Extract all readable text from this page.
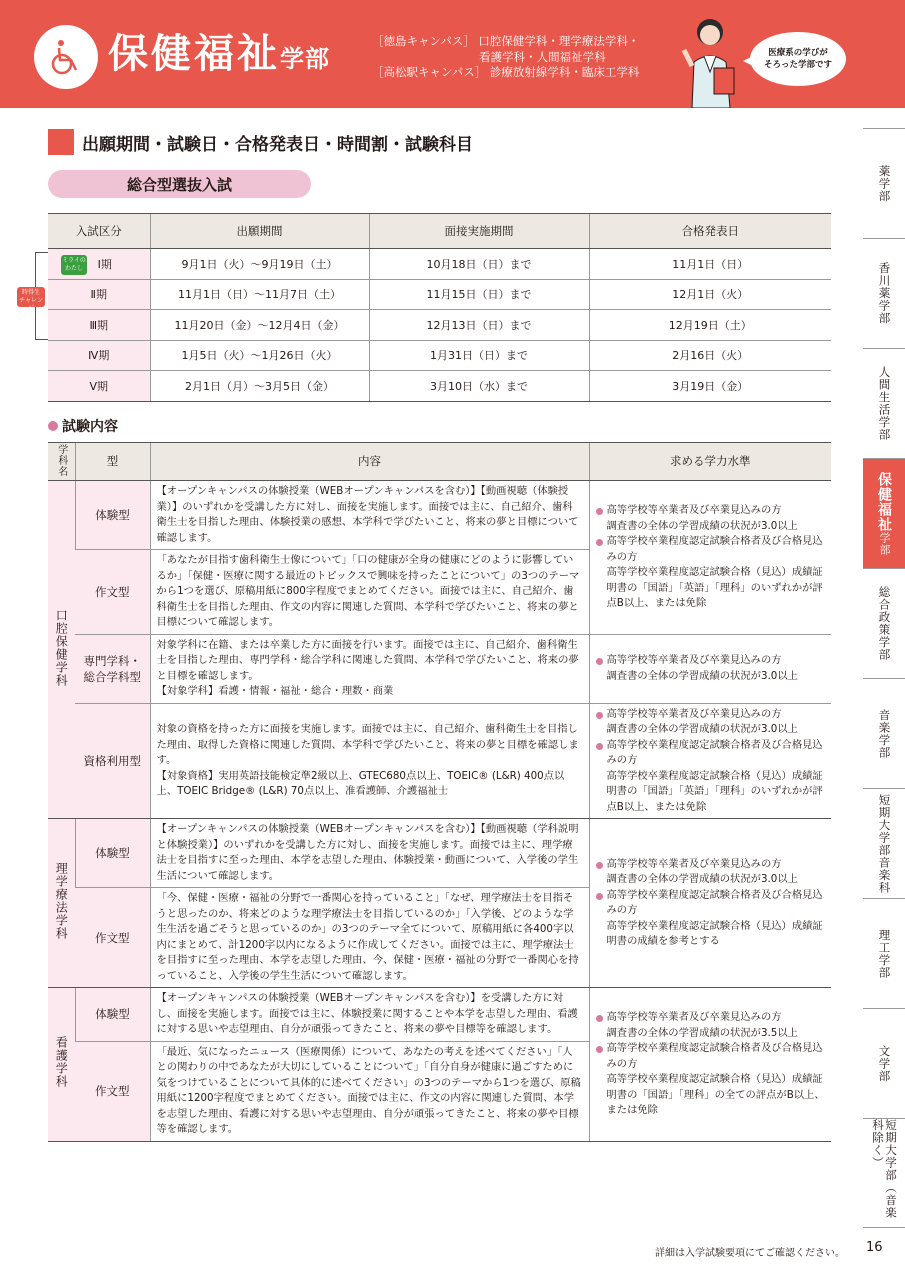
保健福祉学部
［徳島キャンパス］ 口腔保健学科・理学療法学科・
　　　　　　　　　 看護学科・人間福祉学科
［高松駅キャンパス］ 診療放射線学科・臨床工学科
医療系の学びが
そろった学部です
出願期間・試験日・合格発表日・時間割・試験科目
総合型選抜入試
時得生
チャレンジ
入試区分	出願期間	面接実施期間	合格発表日

ミライの
わたし Ⅰ期	9月1日（火）～9月19日（土）	10月18日（日）まで	11月1日（日）
Ⅱ期	11月1日（日）～11月7日（土）	11月15日（日）まで	12月1日（火）
Ⅲ期	11月20日（金）～12月4日（金）	12月13日（日）まで	12月19日（土）
Ⅳ期	1月5日（火）～1月26日（火）	1月31日（日）まで	2月16日（火）
Ⅴ期	2月1日（月）～3月5日（金）	3月10日（水）まで	3月19日（金）
試験内容
学科名	型	内容	求める学力水準
口腔保健学科	体験型	【オープンキャンパスの体験授業（WEBオープンキャンパスを含む）】【動画視聴（体験授業）】のいずれかを受講した方に対し、面接を実施します。面接では主に、自己紹介、歯科衛生士を目指した理由、体験授業の感想、本学科で学びたいこと、将来の夢と目標について確認します。	高等学校等卒業者及び卒業見込みの方
調査書の全体の学習成績の状況が3.0以上
高等学校卒業程度認定試験合格者及び合格見込みの方
高等学校卒業程度認定試験合格（見込）成績証明書の「国語」「英語」「理科」のいずれかが評点B以上、または免除

	作文型	「あなたが目指す歯科衛生士像について」「口の健康が全身の健康にどのように影響しているか」「保健・医療に関する最近のトピックスで興味を持ったことについて」の3つのテーマから1つを選び、原稿用紙に800字程度でまとめてください。面接では主に、自己紹介、歯科衛生士を目指した理由、作文の内容に関連した質問、本学科で学びたいこと、将来の夢と目標について確認します。	
	専門学科・
総合学科型	対象学科に在籍、または卒業した方に面接を行います。面接では主に、自己紹介、歯科衛生士を目指した理由、専門学科・総合学科に関連した質問、本学科で学びたいこと、将来の夢と目標を確認します。
【対象学科】看護・情報・福祉・総合・理数・商業	高等学校等卒業者及び卒業見込みの方
調査書の全体の学習成績の状況が3.0以上

	資格利用型	対象の資格を持った方に面接を実施します。面接では主に、自己紹介、歯科衛生士を目指した理由、取得した資格に関連した質問、本学科で学びたいこと、将来の夢と目標を確認します。
【対象資格】実用英語技能検定準2級以上、GTEC680点以上、TOEIC® (L&R) 400点以上、TOEIC Bridge® (L&R) 70点以上、准看護師、介護福祉士	高等学校等卒業者及び卒業見込みの方
調査書の全体の学習成績の状況が3.0以上
高等学校卒業程度認定試験合格者及び合格見込みの方
高等学校卒業程度認定試験合格（見込）成績証明書の「国語」「英語」「理科」のいずれかが評点B以上、または免除

理学療法学科	体験型	【オープンキャンパスの体験授業（WEBオープンキャンパスを含む）】【動画視聴（学科説明と体験授業）】のいずれかを受講した方に対し、面接を実施します。面接では主に、理学療法士を目指すに至った理由、本学を志望した理由、体験授業・動画について、入学後の学生生活について確認します。	高等学校等卒業者及び卒業見込みの方
調査書の全体の学習成績の状況が3.0以上
高等学校卒業程度認定試験合格者及び合格見込みの方
高等学校卒業程度認定試験合格（見込）成績証明書の成績を参考とする

	作文型	「今、保健・医療・福祉の分野で一番関心を持っていること」「なぜ、理学療法士を目指そうと思ったのか、将来どのような理学療法士を目指しているのか」「入学後、どのような学生生活を過ごそうと思っているのか」の3つのテーマ全てについて、原稿用紙に各400字以内にまとめて、計1200字以内になるように作成してください。面接では主に、理学療法士を目指すに至った理由、本学を志望した理由、今、保健・医療・福祉の分野で一番関心を持っていること、入学後の学生生活について確認します。	
看護学科	体験型	【オープンキャンパスの体験授業（WEBオープンキャンパスを含む）】を受講した方に対し、面接を実施します。面接では主に、体験授業に関することや本学を志望した理由、看護に対する思いや志望理由、自分が頑張ってきたこと、将来の夢や目標等を確認します。	高等学校等卒業者及び卒業見込みの方
調査書の全体の学習成績の状況が3.5以上
高等学校卒業程度認定試験合格者及び合格見込みの方
高等学校卒業程度認定試験合格（見込）成績証明書の「国語」「理科」の全ての評点がB以上、または免除

	作文型	「最近、気になったニュース（医療関係）について、あなたの考えを述べてください」「人との関わりの中であなたが大切にしていることについて」「自分自身が健康に過ごすために気をつけていることについて具体的に述べてください」の3つのテーマから1つを選び、原稿用紙に1200字程度でまとめてください。面接では主に、作文の内容に関連した質問、本学を志望した理由、看護に対する思いや志望理由、自分が頑張ってきたこと、将来の夢や目標等を確認します。	
薬学部
香川薬学部
人間生活学部
保健福祉学部
総合政策学部
音楽学部
短期大学部音楽科
理工学部
文学部
短期大学部（音楽科除く）
詳細は入学試験要項にてご確認ください。 16
